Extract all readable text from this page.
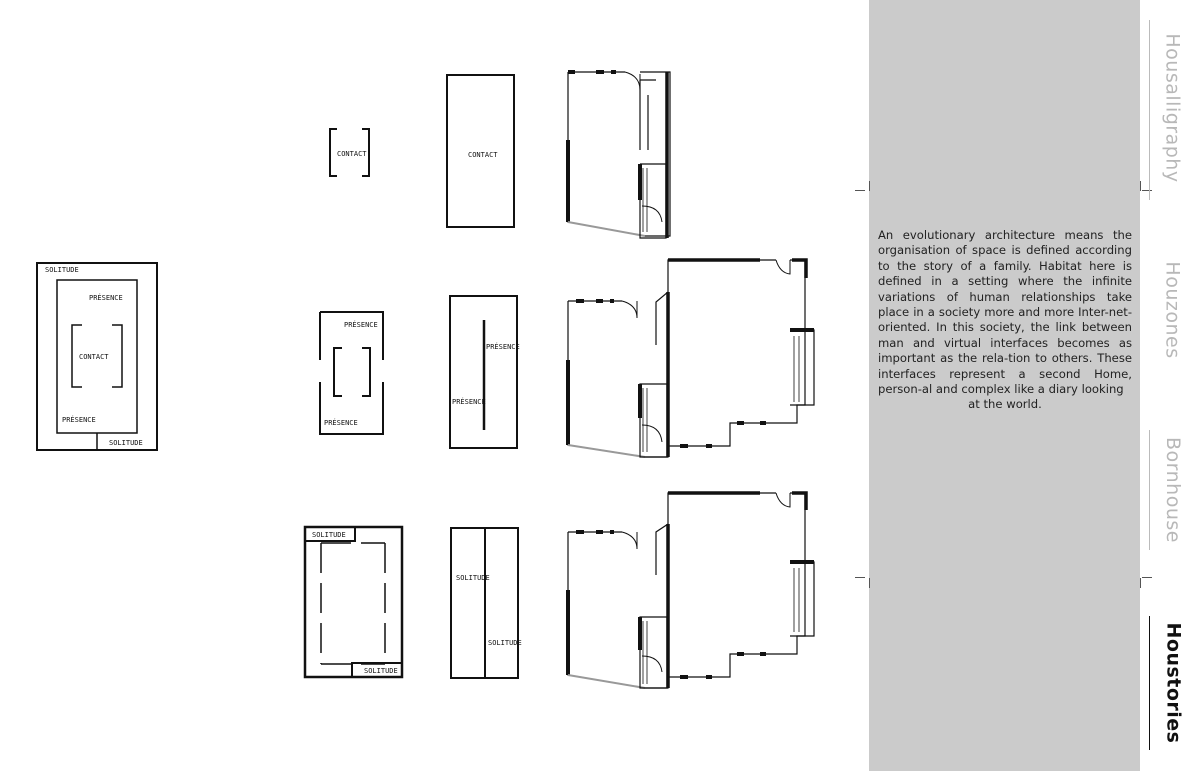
SOLITUDE
PRÉSENCE
CONTACT
PRÉSENCE
SOLITUDE
CONTACT	CONTACT
PRÉSENCE
PRÉSENCE
PRÉSENCE
PRÉSENCE
SOLITUDE
SOLITUDE
SOLITUDE
SOLITUDE
An evolutionary architecture means the organisation of space is defined according to the story of a family. Habitat here is defined in a setting where the infinite variations of human relationships take place in a society more and more Inter-net-oriented. In this society, the link between man and virtual interfaces becomes as important as the rela-tion to others. These interfaces represent a second Home, person-al and complex like a diary looking
at the world.
Housalligraphy
Houzones
Bornhouse
Houstories
